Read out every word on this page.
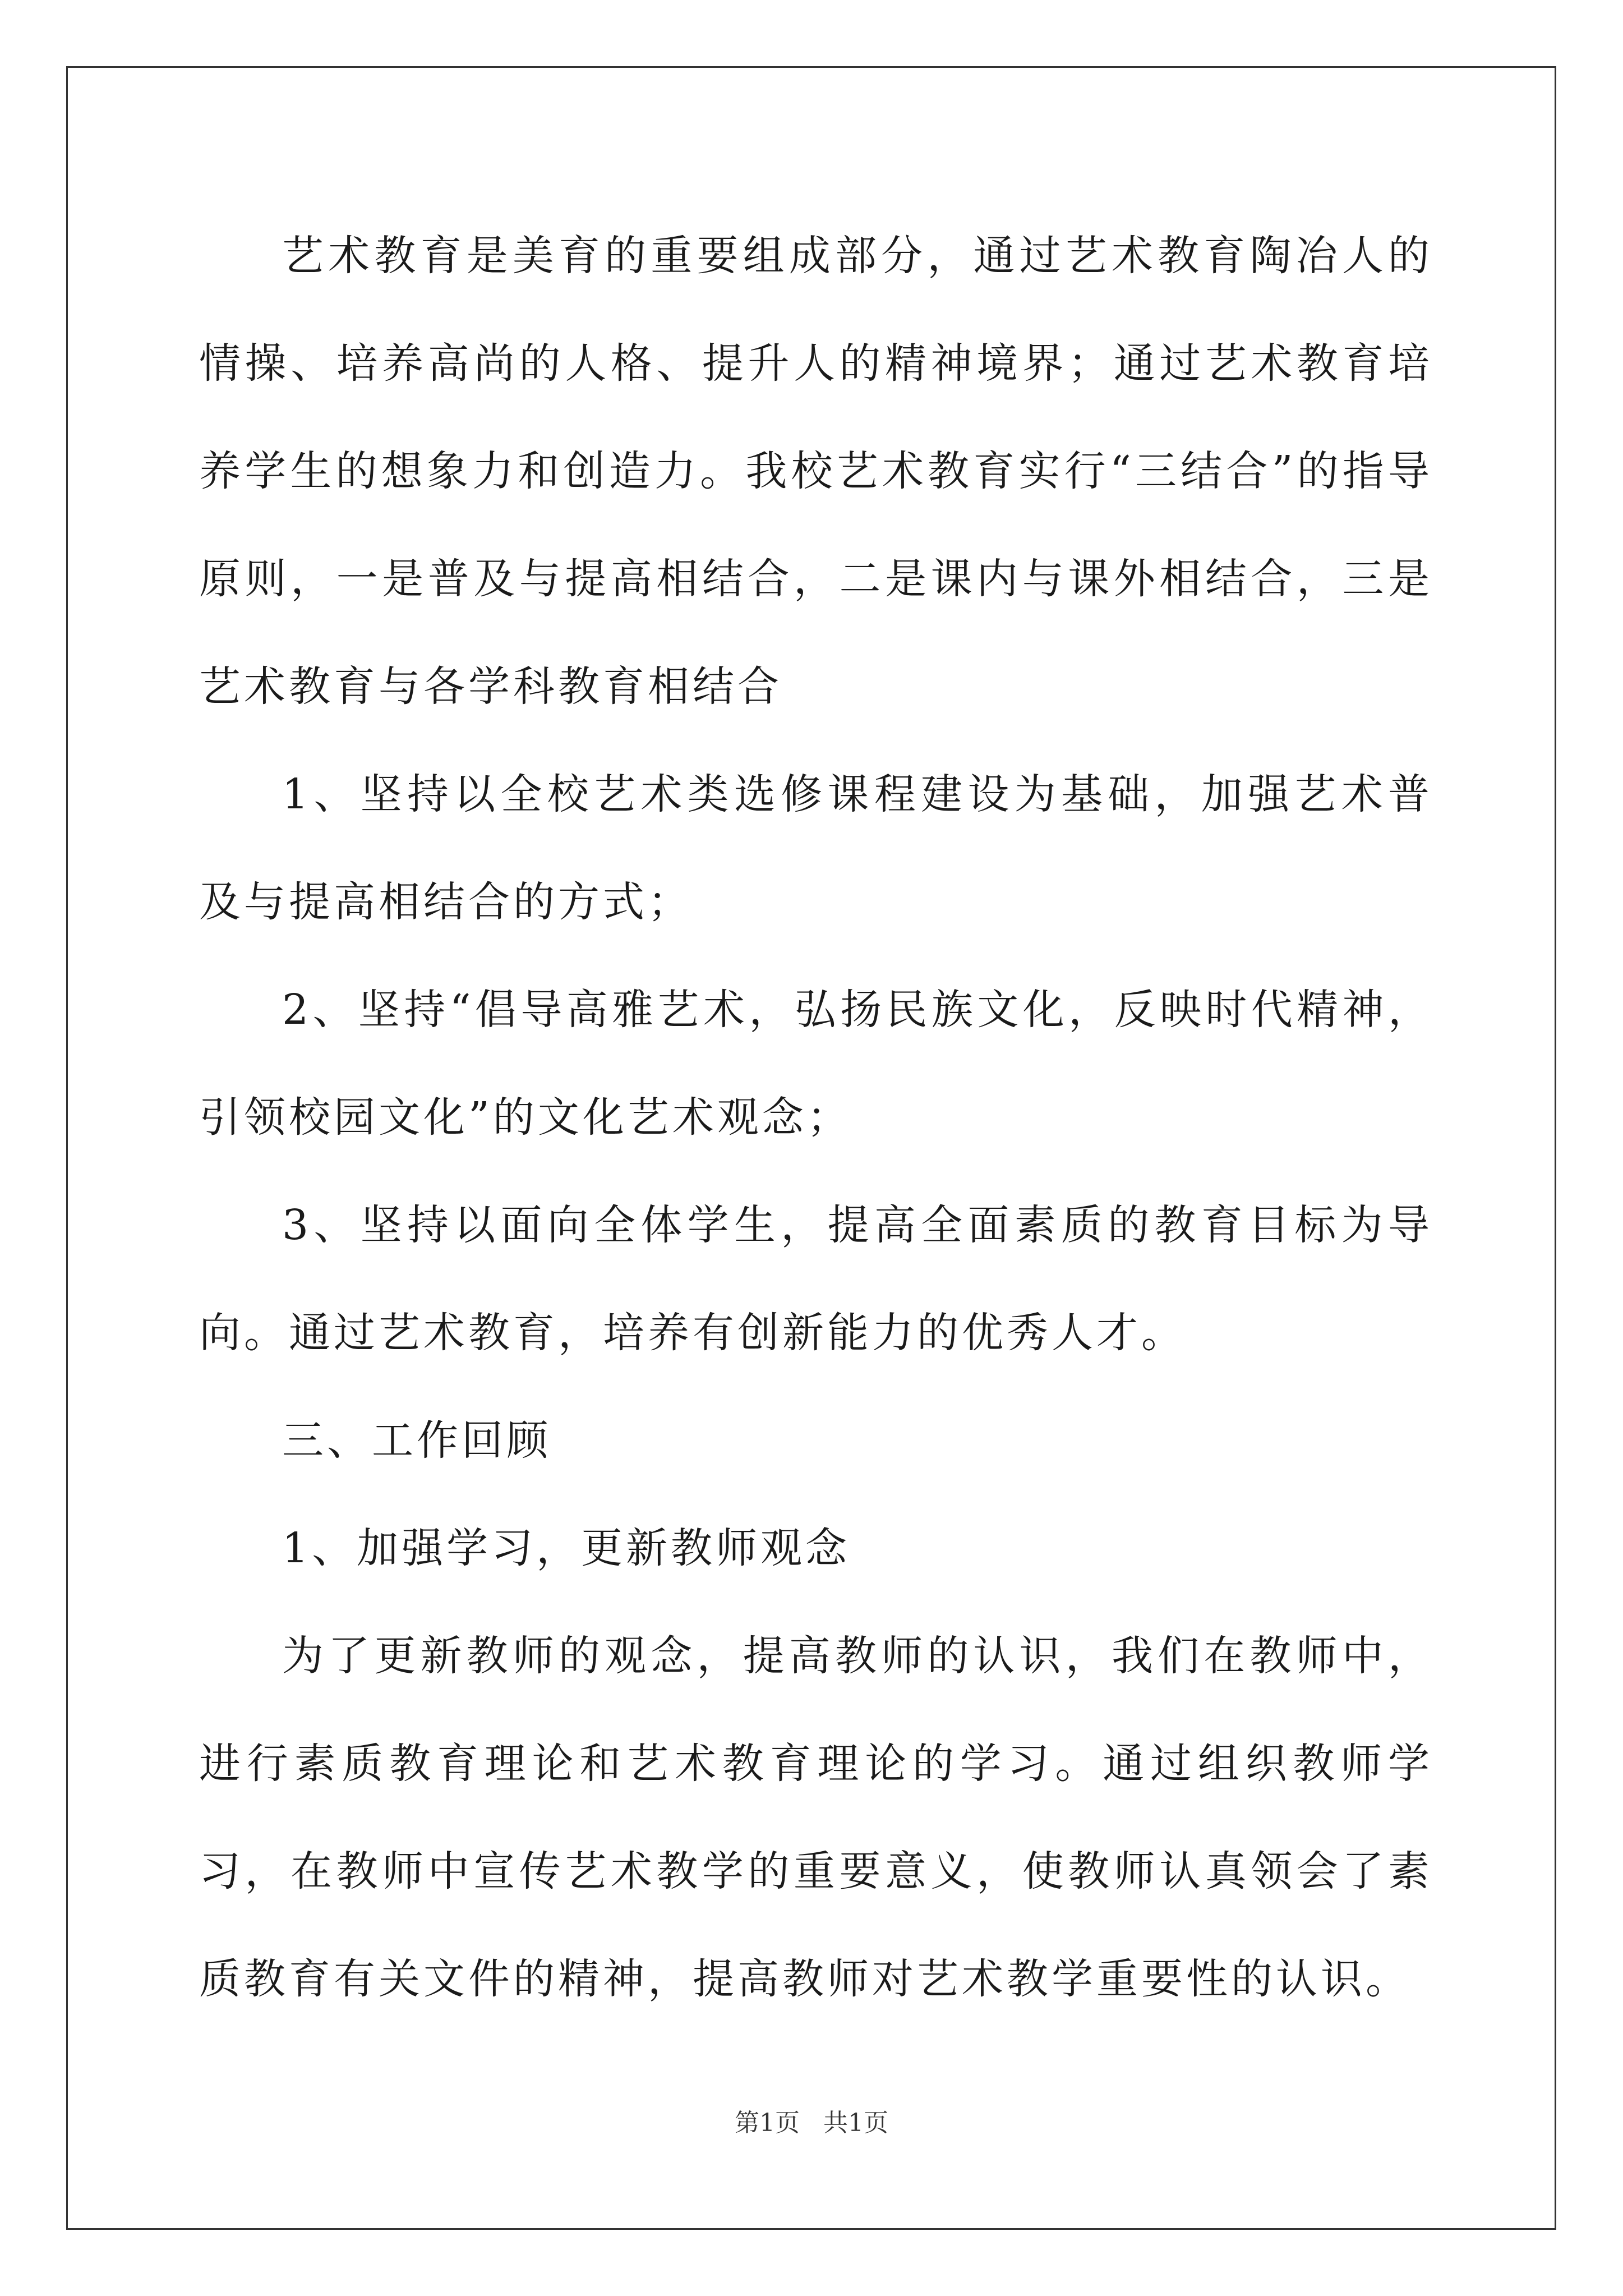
艺术教育是美育的重要组成部分，通过艺术教育陶冶人的情操、培养高尚的人格、提升人的精神境界；通过艺术教育培养学生的想象力和创造力。我校艺术教育实行“三结合”的指导原则，一是普及与提高相结合，二是课内与课外相结合，三是艺术教育与各学科教育相结合

1、坚持以全校艺术类选修课程建设为基础，加强艺术普及与提高相结合的方式；

2、坚持“倡导高雅艺术，弘扬民族文化，反映时代精神，引领校园文化”的文化艺术观念；

3、坚持以面向全体学生，提高全面素质的教育目标为导向。通过艺术教育，培养有创新能力的优秀人才。

三、工作回顾

1、加强学习，更新教师观念

为了更新教师的观念，提高教师的认识，我们在教师中，进行素质教育理论和艺术教育理论的学习。通过组织教师学习，在教师中宣传艺术教学的重要意义，使教师认真领会了素质教育有关文件的精神，提高教师对艺术教学重要性的认识。

第1页 共1页
